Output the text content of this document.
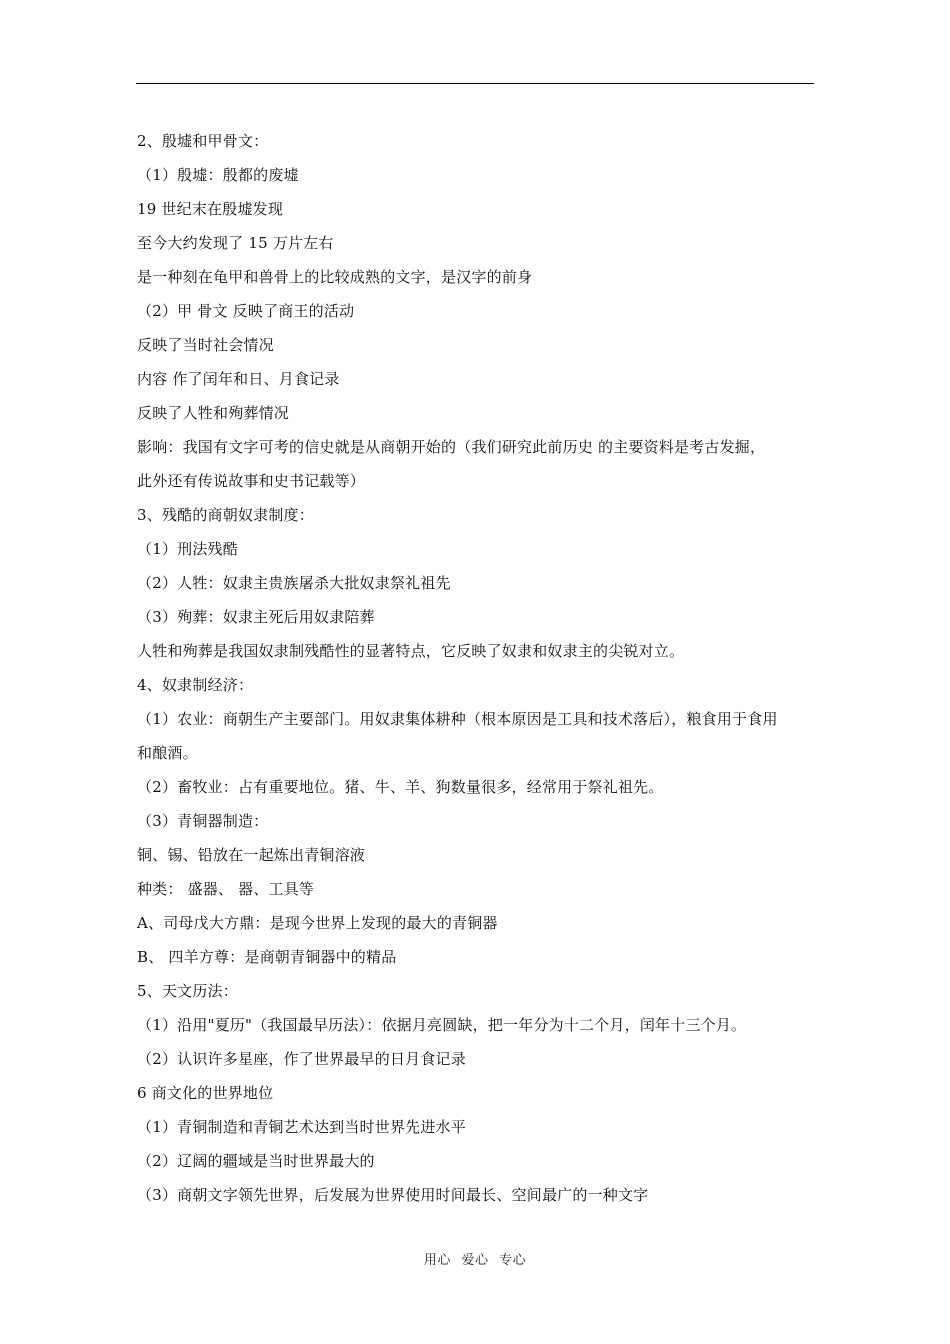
2、殷墟和甲骨文：
（1）殷墟：殷都的废墟
19 世纪末在殷墟发现
至今大约发现了 15 万片左右
是一种刻在龟甲和兽骨上的比较成熟的文字，是汉字的前身
（2）甲 骨文 反映了商王的活动
反映了当时社会情况
内容 作了闰年和日、月食记录
反映了人牲和殉葬情况
影响：我国有文字可考的信史就是从商朝开始的（我们研究此前历史 的主要资料是考古发掘，
此外还有传说故事和史书记载等）
3、残酷的商朝奴隶制度：
（1）刑法残酷
（2）人牲：奴隶主贵族屠杀大批奴隶祭礼祖先
（3）殉葬：奴隶主死后用奴隶陪葬
人牲和殉葬是我国奴隶制残酷性的显著特点，它反映了奴隶和奴隶主的尖锐对立。
4、奴隶制经济：
（1）农业：商朝生产主要部门。用奴隶集体耕种（根本原因是工具和技术落后），粮食用于食用
和酿酒。
（2）畜牧业：占有重要地位。猪、牛、羊、狗数量很多，经常用于祭礼祖先。
（3）青铜器制造：
铜、锡、铅放在一起炼出青铜溶液
种类： 盛器、 器、工具等
A、司母戊大方鼎：是现今世界上发现的最大的青铜器
B、 四羊方尊：是商朝青铜器中的精品
5、天文历法：
（1）沿用"夏历"（我国最早历法）：依据月亮圆缺，把一年分为十二个月，闰年十三个月。
（2）认识许多星座，作了世界最早的日月食记录
6 商文化的世界地位
（1）青铜制造和青铜艺术达到当时世界先进水平
（2）辽阔的疆域是当时世界最大的
（3）商朝文字领先世界，后发展为世界使用时间最长、空间最广的一种文字
用心 爱心 专心
